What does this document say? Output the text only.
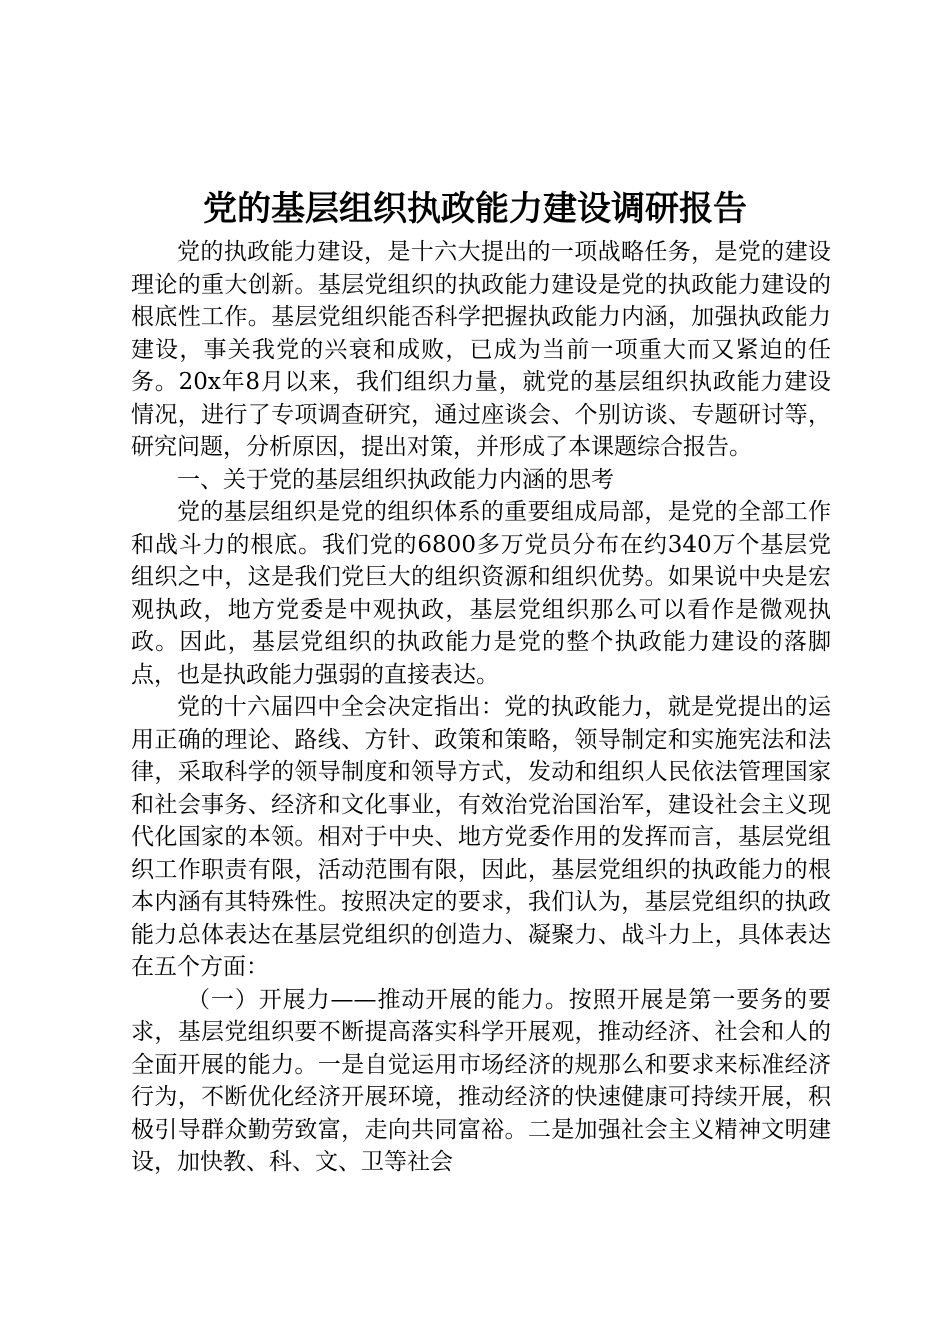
党的基层组织执政能力建设调研报告

党的执政能力建设，是十六大提出的一项战略任务，是党的建设理论的重大创新。基层党组织的执政能力建设是党的执政能力建设的根底性工作。基层党组织能否科学把握执政能力内涵，加强执政能力建设，事关我党的兴衰和成败，已成为当前一项重大而又紧迫的任务。20x年8月以来，我们组织力量，就党的基层组织执政能力建设情况，进行了专项调查研究，通过座谈会、个别访谈、专题研讨等，研究问题，分析原因，提出对策，并形成了本课题综合报告。

一、关于党的基层组织执政能力内涵的思考

党的基层组织是党的组织体系的重要组成局部，是党的全部工作和战斗力的根底。我们党的6800多万党员分布在约340万个基层党组织之中，这是我们党巨大的组织资源和组织优势。如果说中央是宏观执政，地方党委是中观执政，基层党组织那么可以看作是微观执政。因此，基层党组织的执政能力是党的整个执政能力建设的落脚点，也是执政能力强弱的直接表达。

党的十六届四中全会决定指出：党的执政能力，就是党提出的运用正确的理论、路线、方针、政策和策略，领导制定和实施宪法和法律，采取科学的领导制度和领导方式，发动和组织人民依法管理国家和社会事务、经济和文化事业，有效治党治国治军，建设社会主义现代化国家的本领。相对于中央、地方党委作用的发挥而言，基层党组织工作职责有限，活动范围有限，因此，基层党组织的执政能力的根本内涵有其特殊性。按照决定的要求，我们认为，基层党组织的执政能力总体表达在基层党组织的创造力、凝聚力、战斗力上，具体表达在五个方面：

（一）开展力——推动开展的能力。按照开展是第一要务的要求，基层党组织要不断提高落实科学开展观，推动经济、社会和人的全面开展的能力。一是自觉运用市场经济的规那么和要求来标准经济行为，不断优化经济开展环境，推动经济的快速健康可持续开展，积极引导群众勤劳致富，走向共同富裕。二是加强社会主义精神文明建设，加快教、科、文、卫等社会
